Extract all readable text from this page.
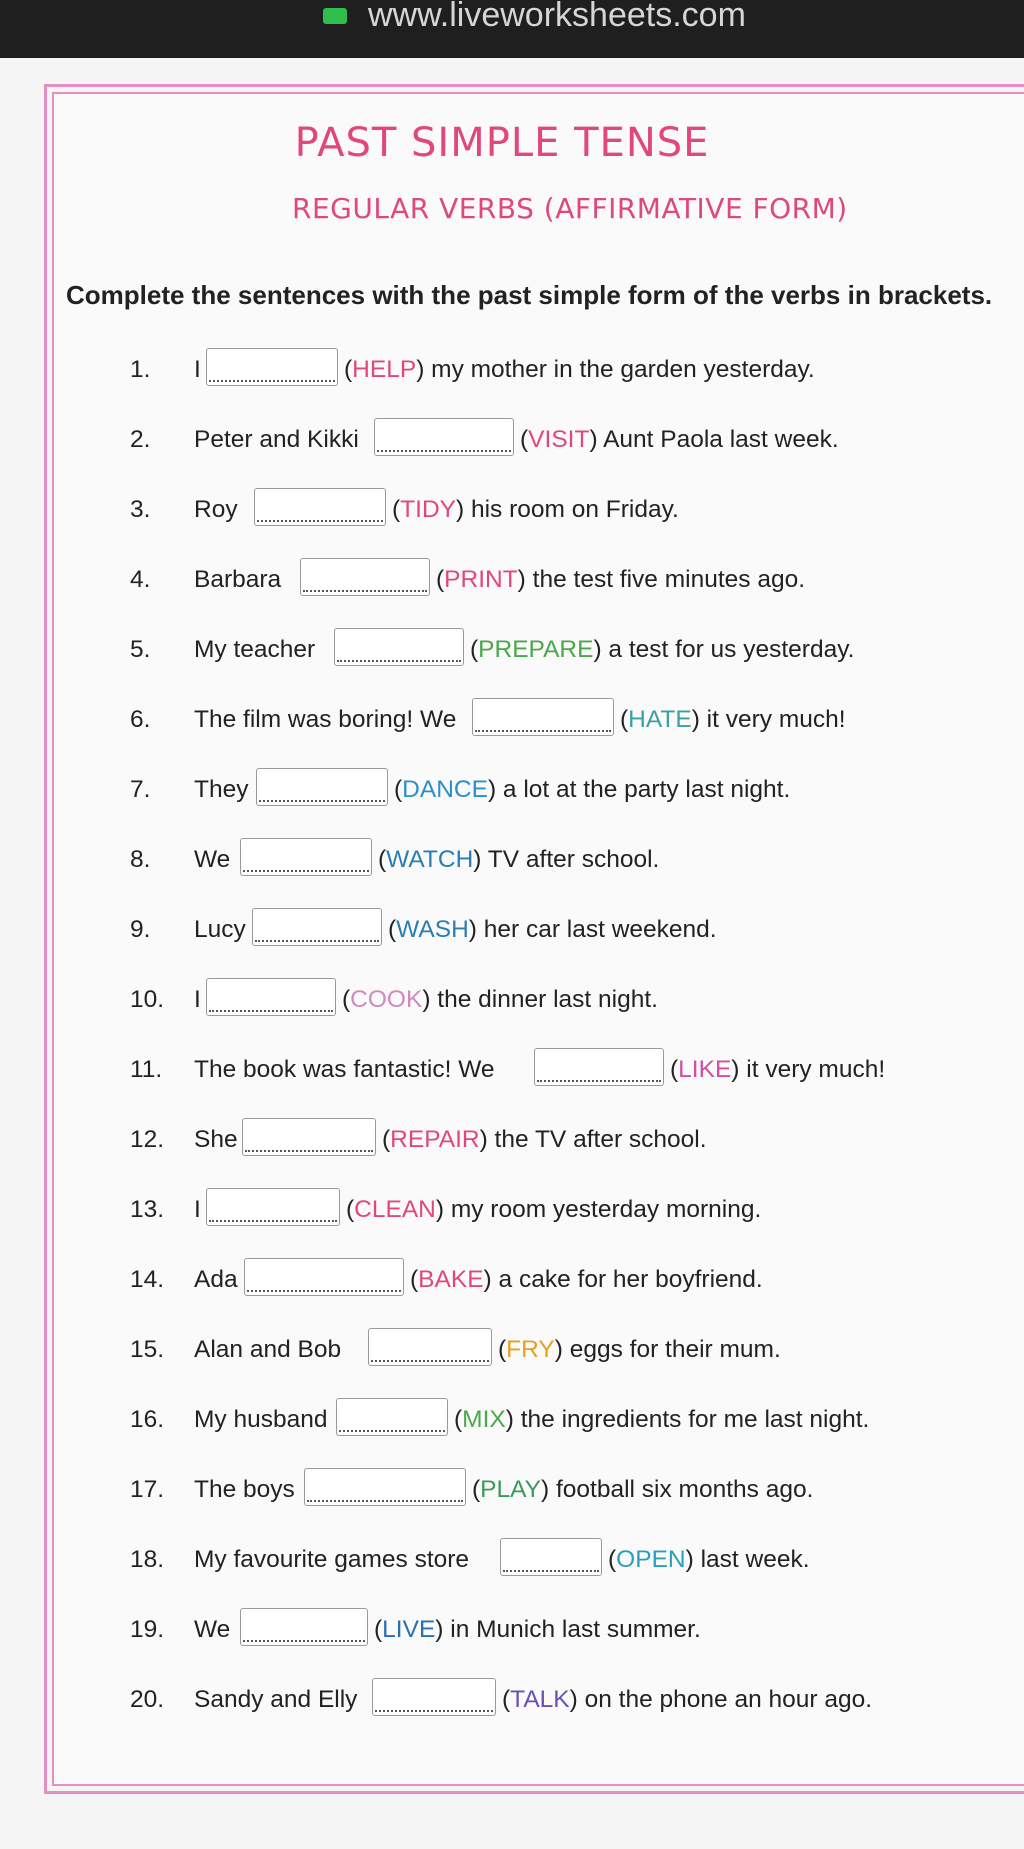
www.liveworksheets.com
PAST SIMPLE TENSE
REGULAR VERBS (AFFIRMATIVE FORM)
Complete the sentences with the past simple form of the verbs in brackets.
1. I	(HELP) my mother in the garden yesterday.
2. Peter and Kikki	(VISIT) Aunt Paola last week.
3. Roy	(TIDY) his room on Friday.
4. Barbara	(PRINT) the test five minutes ago.
5. My teacher	(PREPARE) a test for us yesterday.
6. The film was boring! We	(HATE) it very much!
7. They	(DANCE) a lot at the party last night.
8. We	(WATCH) TV after school.
9. Lucy	(WASH) her car last weekend.
10. I	(COOK) the dinner last night.
11. The book was fantastic! We	(LIKE) it very much!
12. She	(REPAIR) the TV after school.
13. I	(CLEAN) my room yesterday morning.
14. Ada	(BAKE) a cake for her boyfriend.
15. Alan and Bob	(FRY) eggs for their mum.
16. My husband	(MIX) the ingredients for me last night.
17. The boys	(PLAY) football six months ago.
18. My favourite games store	(OPEN) last week.
19. We	(LIVE) in Munich last summer.
20. Sandy and Elly	(TALK) on the phone an hour ago.
